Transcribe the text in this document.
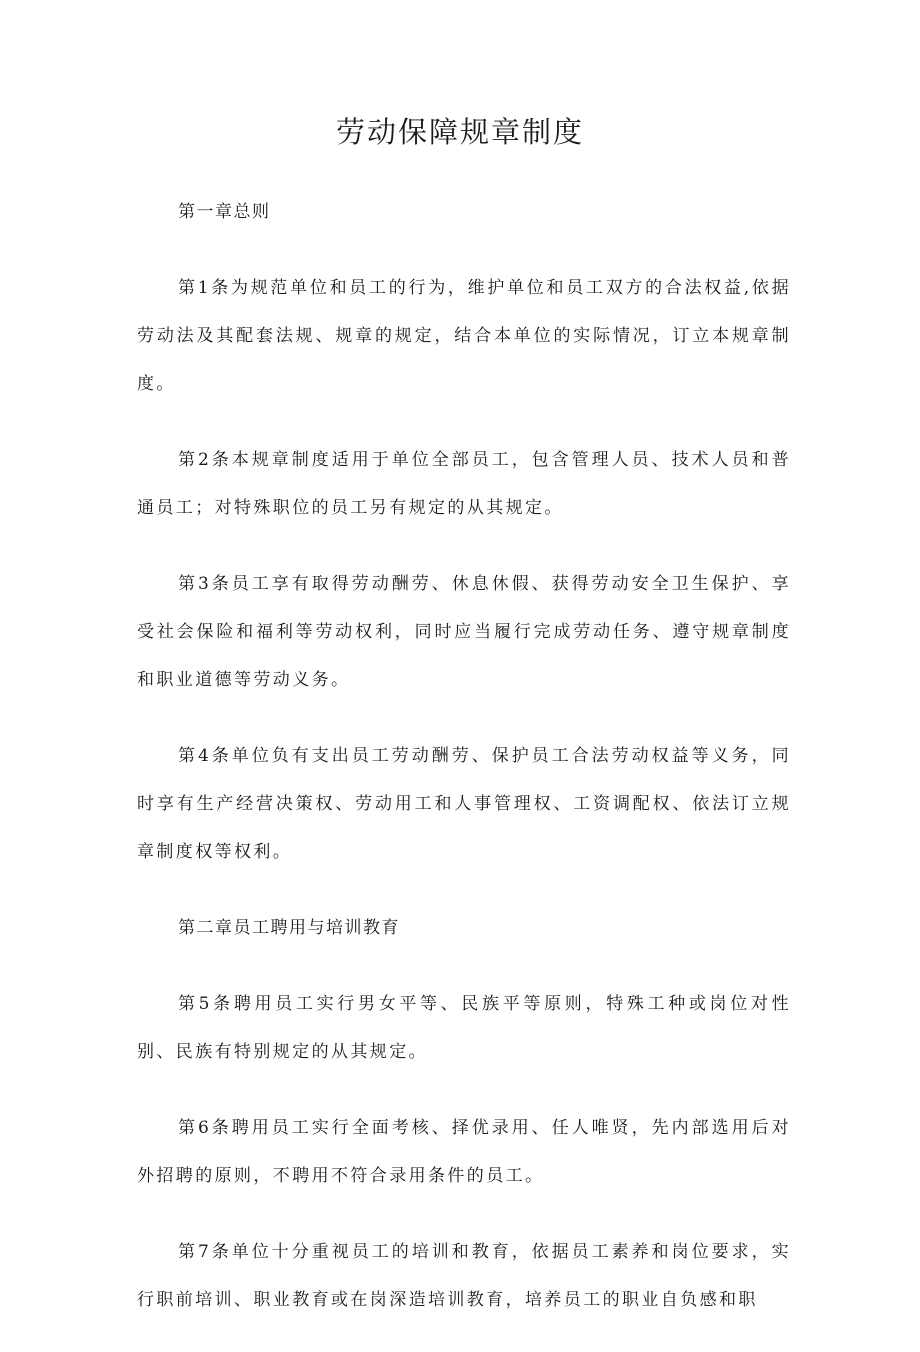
劳动保障规章制度

第一章总则

第1条为规范单位和员工的行为，维护单位和员工双方的合法权益,依据劳动法及其配套法规、规章的规定，结合本单位的实际情况，订立本规章制度。

第2条本规章制度适用于单位全部员工，包含管理人员、技术人员和普通员工；对特殊职位的员工另有规定的从其规定。

第3条员工享有取得劳动酬劳、休息休假、获得劳动安全卫生保护、享受社会保险和福利等劳动权利，同时应当履行完成劳动任务、遵守规章制度和职业道德等劳动义务。

第4条单位负有支出员工劳动酬劳、保护员工合法劳动权益等义务，同时享有生产经营决策权、劳动用工和人事管理权、工资调配权、依法订立规章制度权等权利。

第二章员工聘用与培训教育

第5条聘用员工实行男女平等、民族平等原则，特殊工种或岗位对性别、民族有特别规定的从其规定。

第6条聘用员工实行全面考核、择优录用、任人唯贤，先内部选用后对外招聘的原则，不聘用不符合录用条件的员工。

第7条单位十分重视员工的培训和教育，依据员工素养和岗位要求，实行职前培训、职业教育或在岗深造培训教育，培养员工的职业自负感和职
